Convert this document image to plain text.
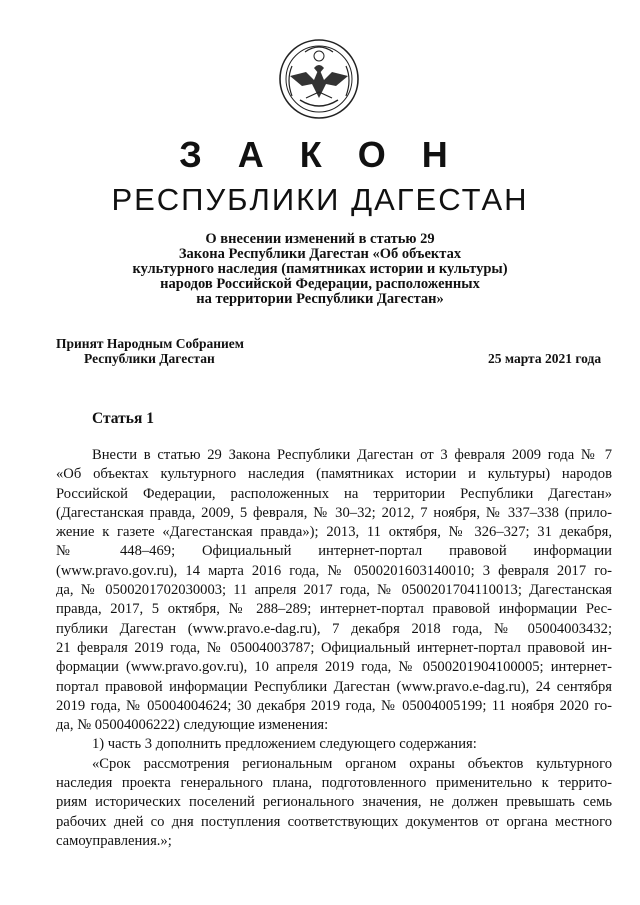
З А К О Н
РЕСПУБЛИКИ ДАГЕСТАН
О внесении изменений в статью 29
Закона Республики Дагестан «Об объектах
культурного наследия (памятниках истории и культуры)
народов Российской Федерации, расположенных
на территории Республики Дагестан»
Принят Народным Собранием
Республики Дагестан	25 марта 2021 года
Статья 1
Внести в статью 29 Закона Республики Дагестан от 3 февраля 2009 года № 7
«Об объектах культурного наследия (памятниках истории и культуры) народов
Российской Федерации, расположенных на территории Республики Дагестан»
(Дагестанская правда, 2009, 5 февраля, № 30–32; 2012, 7 ноября, № 337–338 (прило-
жение к газете «Дагестанская правда»); 2013, 11 октября, № 326–327; 31 декабря,
№ 448–469; Официальный интернет-портал правовой информации
(www.pravo.gov.ru), 14 марта 2016 года, № 0500201603140010; 3 февраля 2017 го-
да, № 0500201702030003; 11 апреля 2017 года, № 0500201704110013; Дагестанская
правда, 2017, 5 октября, № 288–289; интернет-портал правовой информации Рес-
публики Дагестан (www.pravo.e-dag.ru), 7 декабря 2018 года, № 05004003432;
21 февраля 2019 года, № 05004003787; Официальный интернет-портал правовой ин-
формации (www.pravo.gov.ru), 10 апреля 2019 года, № 0500201904100005; интернет-
портал правовой информации Республики Дагестан (www.pravo.e-dag.ru), 24 сентября
2019 года, № 05004004624; 30 декабря 2019 года, № 05004005199; 11 ноября 2020 го-
да, № 05004006222) следующие изменения:
1) часть 3 дополнить предложением следующего содержания:
«Срок рассмотрения региональным органом охраны объектов культурного
наследия проекта генерального плана, подготовленного применительно к террито-
риям исторических поселений регионального значения, не должен превышать семь
рабочих дней со дня поступления соответствующих документов от органа местного
самоуправления.»;
